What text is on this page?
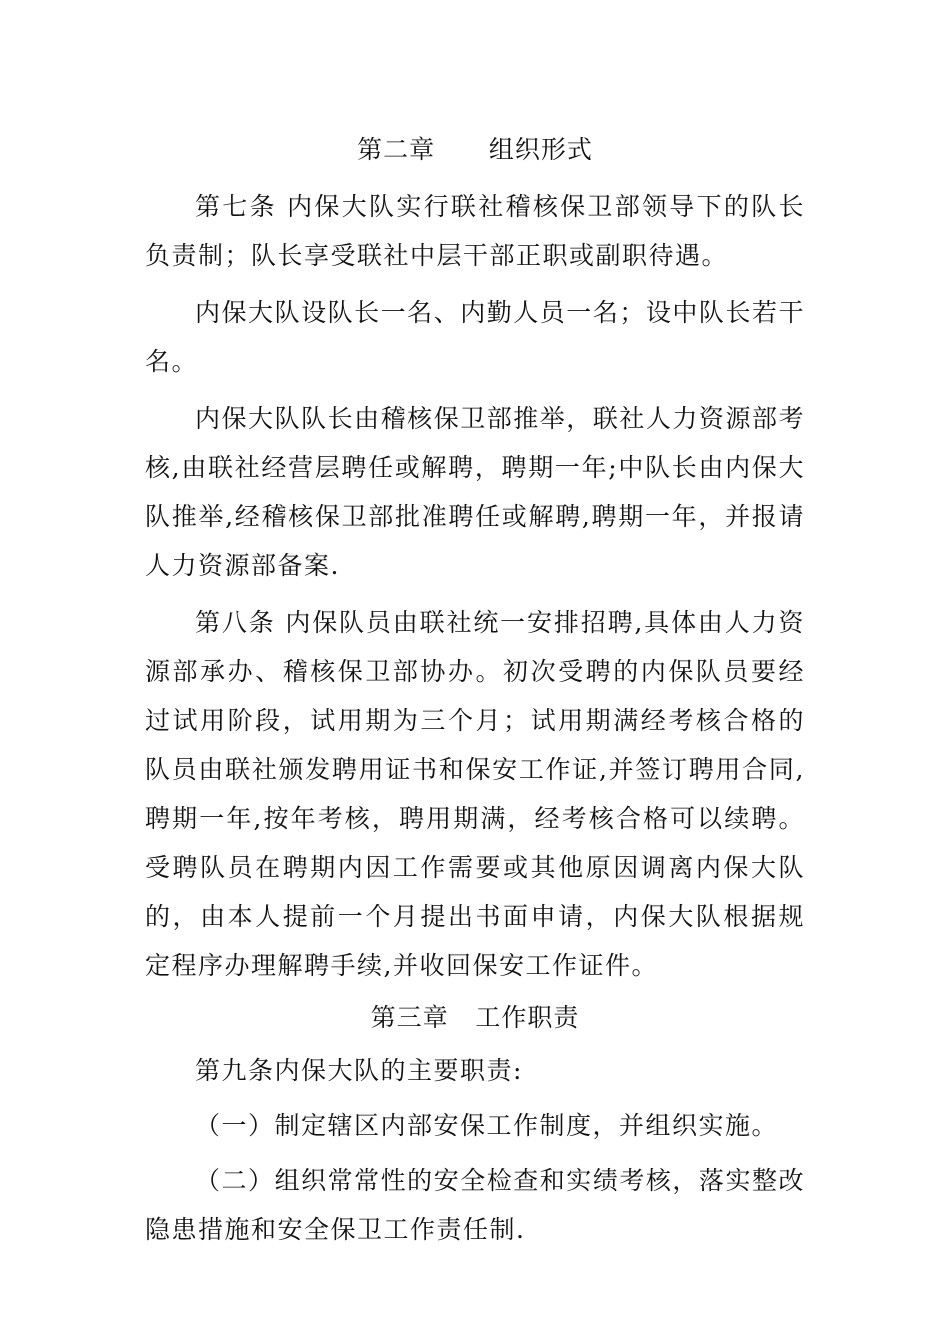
第二章      组织形式

第七条 内保大队实行联社稽核保卫部领导下的队长负责制；队长享受联社中层干部正职或副职待遇。

内保大队设队长一名、内勤人员一名；设中队长若干名。

内保大队队长由稽核保卫部推举，联社人力资源部考核,由联社经营层聘任或解聘，聘期一年;中队长由内保大队推举,经稽核保卫部批准聘任或解聘,聘期一年，并报请人力资源部备案.

第八条 内保队员由联社统一安排招聘,具体由人力资源部承办、稽核保卫部协办。初次受聘的内保队员要经过试用阶段，试用期为三个月；试用期满经考核合格的队员由联社颁发聘用证书和保安工作证,并签订聘用合同,聘期一年,按年考核，聘用期满，经考核合格可以续聘。受聘队员在聘期内因工作需要或其他原因调离内保大队的，由本人提前一个月提出书面申请，内保大队根据规定程序办理解聘手续,并收回保安工作证件。

第三章   工作职责

第九条内保大队的主要职责:

（一）制定辖区内部安保工作制度，并组织实施。

（二）组织常常性的安全检查和实绩考核，落实整改隐患措施和安全保卫工作责任制.
